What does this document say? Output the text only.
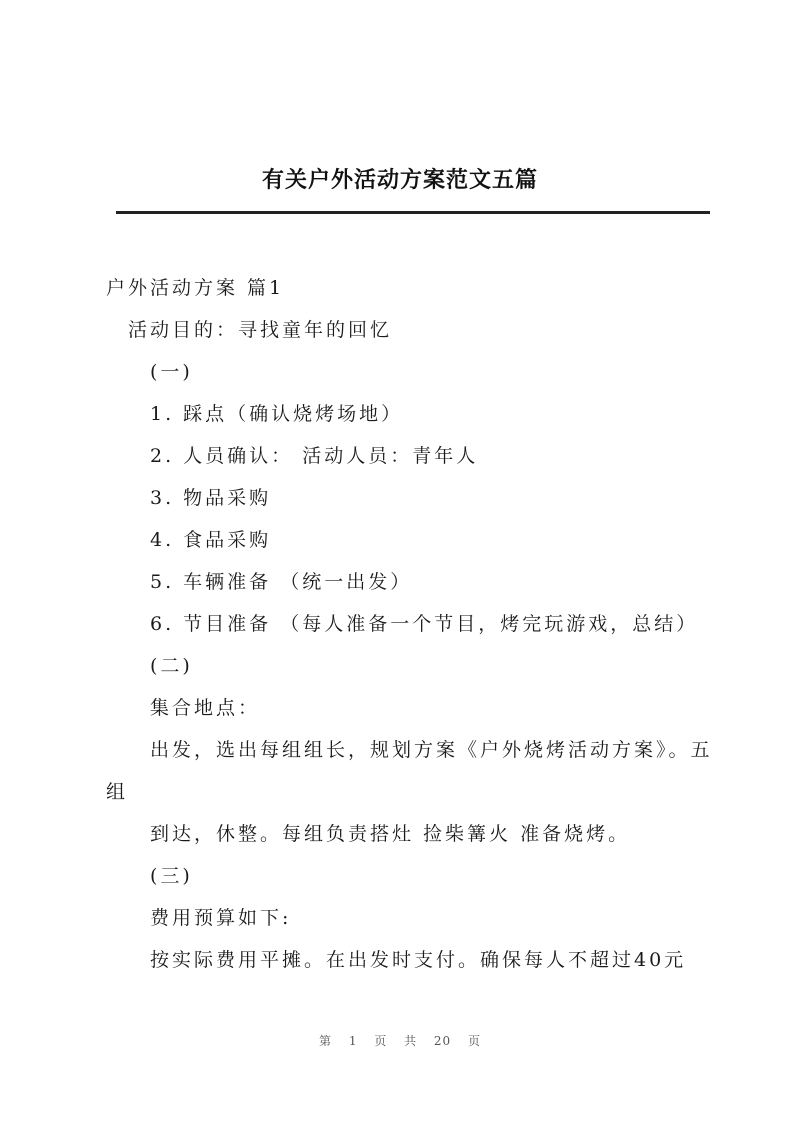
有关户外活动方案范文五篇
户外活动方案 篇1
活动目的：寻找童年的回忆
(一)
1. 踩点（确认烧烤场地）
2. 人员确认： 活动人员：青年人
3. 物品采购
4. 食品采购
5. 车辆准备 （统一出发）
6. 节目准备 （每人准备一个节目，烤完玩游戏，总结）
(二)
集合地点：
出发，选出每组组长，规划方案《户外烧烤活动方案》。五
组
到达，休整。每组负责搭灶 捡柴篝火 准备烧烤。
(三)
费用预算如下:
按实际费用平摊。在出发时支付。确保每人不超过40元
第 1 页 共 20 页
